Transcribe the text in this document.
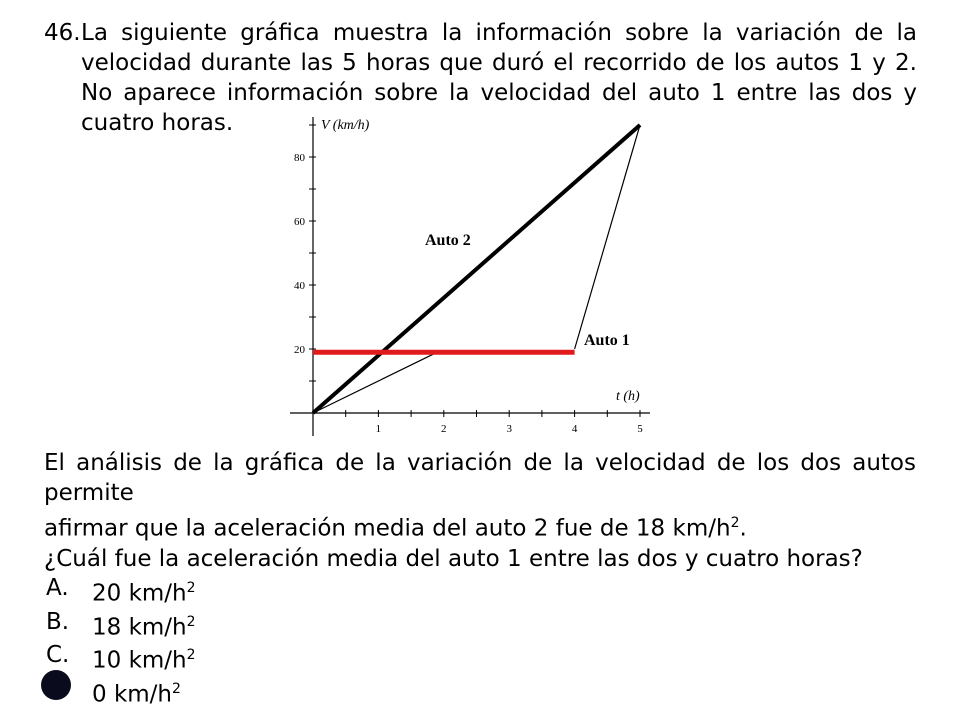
46. La siguiente gráfica muestra la información sobre la variación de la velocidad durante las 5 horas que duró el recorrido de los autos 1 y 2. No aparece información sobre la velocidad del auto 1 entre las dos y cuatro horas.
20
40
60
80
1	2	3	4	5
V (km/h)
t (h)
Auto 2
Auto 1
El análisis de la gráfica de la variación de la velocidad de los dos autos permite
afirmar que la aceleración media del auto 2 fue de 18 $km/h^2$.
¿Cuál fue la aceleración media del auto 1 entre las dos y cuatro horas?
A. 20 $km/h^2$
B. 18 $km/h^2$
C. 10 $km/h^2$
0 $km/h^2$
